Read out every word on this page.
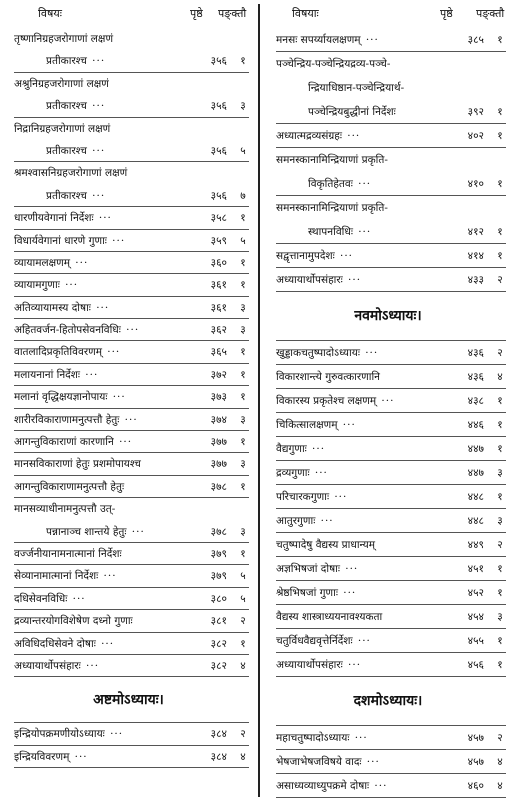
विषयः	पृष्ठे पङ्क्तौ
तृष्णानिग्रहजरोगाणां लक्षणं
प्रतीकारश्च  ···	३५६	१
अश्रुनिग्रहजरोगाणां लक्षणं
प्रतीकारश्च  ···	३५६	३
निद्रानिग्रहजरोगाणां लक्षणं
प्रतीकारश्च  ···	३५६	५
श्रमश्वासनिग्रहजरोगाणां लक्षणं
प्रतीकारश्च  ···	३५६	७
धारणीयवेगानां निर्देशः  ···	३५८	१
विधार्यवेगानां धारणे गुणाः  ···	३५९	५
व्यायामलक्षणम्  ···	३६०	१
व्यायामगुणाः  ···	३६१	१
अतिव्यायामस्य दोषाः  ···	३६१	३
अहितवर्जन-हितोपसेवनविधिः  ···	३६२	३
वातलादिप्रकृतिविवरणम्  ···	३६५	१
मलायनानां निर्देशः  ···	३७२	१
मलानां वृद्धिक्षयज्ञानोपायः  ···	३७३	१
शारीरविकाराणामनुत्पत्तौ हेतुः  ···	३७४	३
आगन्तुविकाराणां कारणानि  ···	३७७	१
मानसविकाराणां हेतुः प्रशमोपायश्च	३७७	३
आगन्तुविकाराणामनुत्पत्तौ हेतुः	३७८	१
मानसव्याधीनामनुत्पत्तौ उत्-
पन्नानाञ्च शान्तये हेतुः  ···	३७८	३
वर्ज्जनीयानामनात्मानां निर्देशः	३७९	१
सेव्यानामात्मानां निर्देशः  ···	३७९	५
दधिसेवनविधिः  ···	३८०	५
द्रव्यान्तरयोगविशेषेण दध्नो गुणाः	३८१	२
अविधिदधिसेवने दोषाः  ···	३८२	१
अध्यायार्थोपसंहारः  ···	३८२	४
अष्टमोऽध्यायः।
इन्द्रियोपक्रमणीयोऽध्यायः  ···	३८४	२
इन्द्रियविवरणम्  ···	३८४	४
विषयाः	पृष्ठे पङ्क्तौ
मनसः सपर्य्यायलक्षणम्  ···	३८५	१
पञ्चेन्द्रिय-पञ्चेन्द्रियद्रव्य-पञ्चे-
न्द्रियाधिष्ठान-पञ्चेन्द्रियार्थ-
पञ्चेन्द्रियबुद्धीनां निर्देशः	३९२	१
अध्यात्मद्रव्यसंग्रहः  ···	४०२	१
समनस्कानामिन्द्रियाणां प्रकृति-
विकृतिहेतवः  ···	४१०	१
समनस्कानामिन्द्रियाणां प्रकृति-
स्थापनविधिः  ···	४१२	१
सद्वृत्तानामुपदेशः  ···	४१४	१
अध्यायार्थोपसंहारः  ···	४३३	२
नवमोऽध्यायः।
खुड्डाकचतुष्पादोऽध्यायः  ···	४३६	२
विकारशान्त्ये गुरुवत्कारणानि	४३६	४
विकारस्य प्रकृतेश्च लक्षणम्  ···	४३८	१
चिकित्सालक्षणम्  ···	४४६	१
वैद्यगुणाः  ···	४४७	१
द्रव्यगुणाः  ···	४४७	३
परिचारकगुणाः  ···	४४८	१
आतुरगुणाः  ···	४४८	३
चतुष्पादेषु वैद्यस्य प्राधान्यम्	४४९	२
अज्ञभिषजां दोषाः  ···	४५१	१
श्रेष्ठभिषजां गुणाः  ···	४५२	१
वैद्यस्य शास्त्राध्ययनावश्यकता	४५४	३
चतुर्विधवैद्यवृत्तेर्निर्देशः  ···	४५५	१
अध्यायार्थोपसंहारः  ···	४५६	१
दशमोऽध्यायः।
महाचतुष्पादोऽध्यायः  ···	४५७	२
भेषजाभेषजविषये वादः  ···	४५७	४
असाध्यव्याध्युपक्रमे दोषाः  ···	४६०	४
